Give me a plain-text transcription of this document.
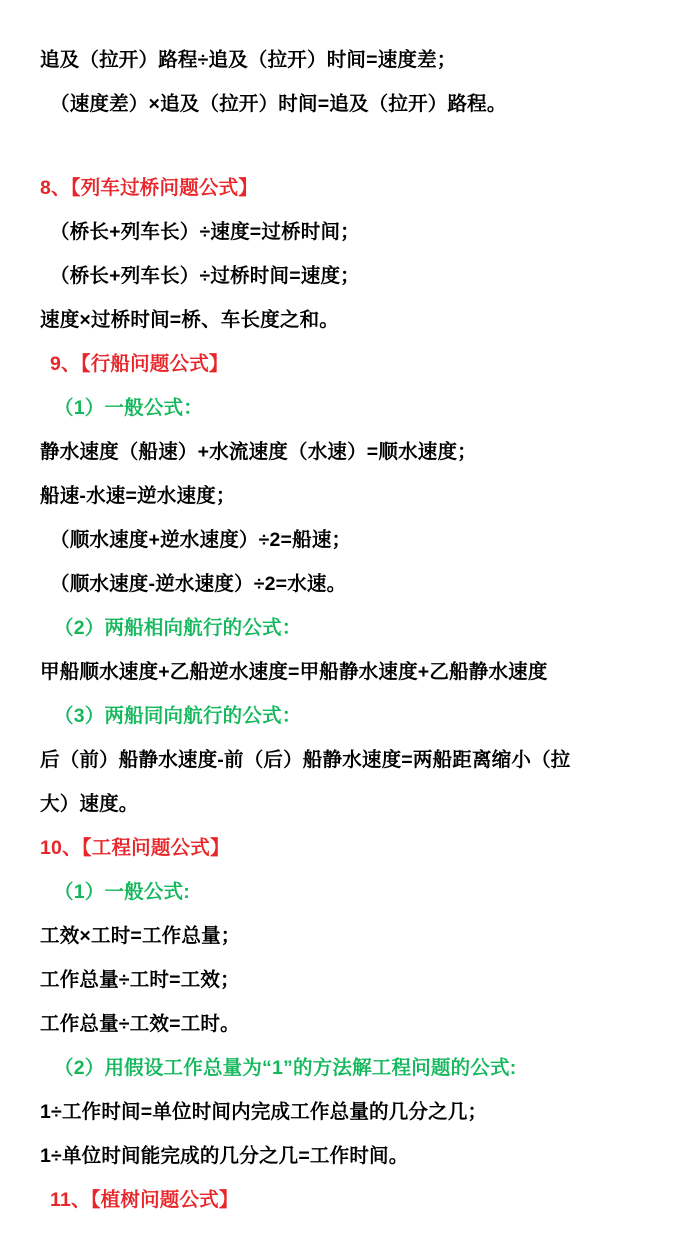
追及（拉开）路程÷追及（拉开）时间=速度差；
（速度差）×追及（拉开）时间=追及（拉开）路程。
8、【列车过桥问题公式】
（桥长+列车长）÷速度=过桥时间；
（桥长+列车长）÷过桥时间=速度；
速度×过桥时间=桥、车长度之和。
9、【行船问题公式】
（1）一般公式：
静水速度（船速）+水流速度（水速）=顺水速度；
船速-水速=逆水速度；
（顺水速度+逆水速度）÷2=船速；
（顺水速度-逆水速度）÷2=水速。
（2）两船相向航行的公式：
甲船顺水速度+乙船逆水速度=甲船静水速度+乙船静水速度
（3）两船同向航行的公式：
后（前）船静水速度-前（后）船静水速度=两船距离缩小（拉
大）速度。
10、【工程问题公式】
（1）一般公式:
工效×工时=工作总量；
工作总量÷工时=工效；
工作总量÷工效=工时。
（2）用假设工作总量为“1”的方法解工程问题的公式:
1÷工作时间=单位时间内完成工作总量的几分之几；
1÷单位时间能完成的几分之几=工作时间。
11、【植树问题公式】
